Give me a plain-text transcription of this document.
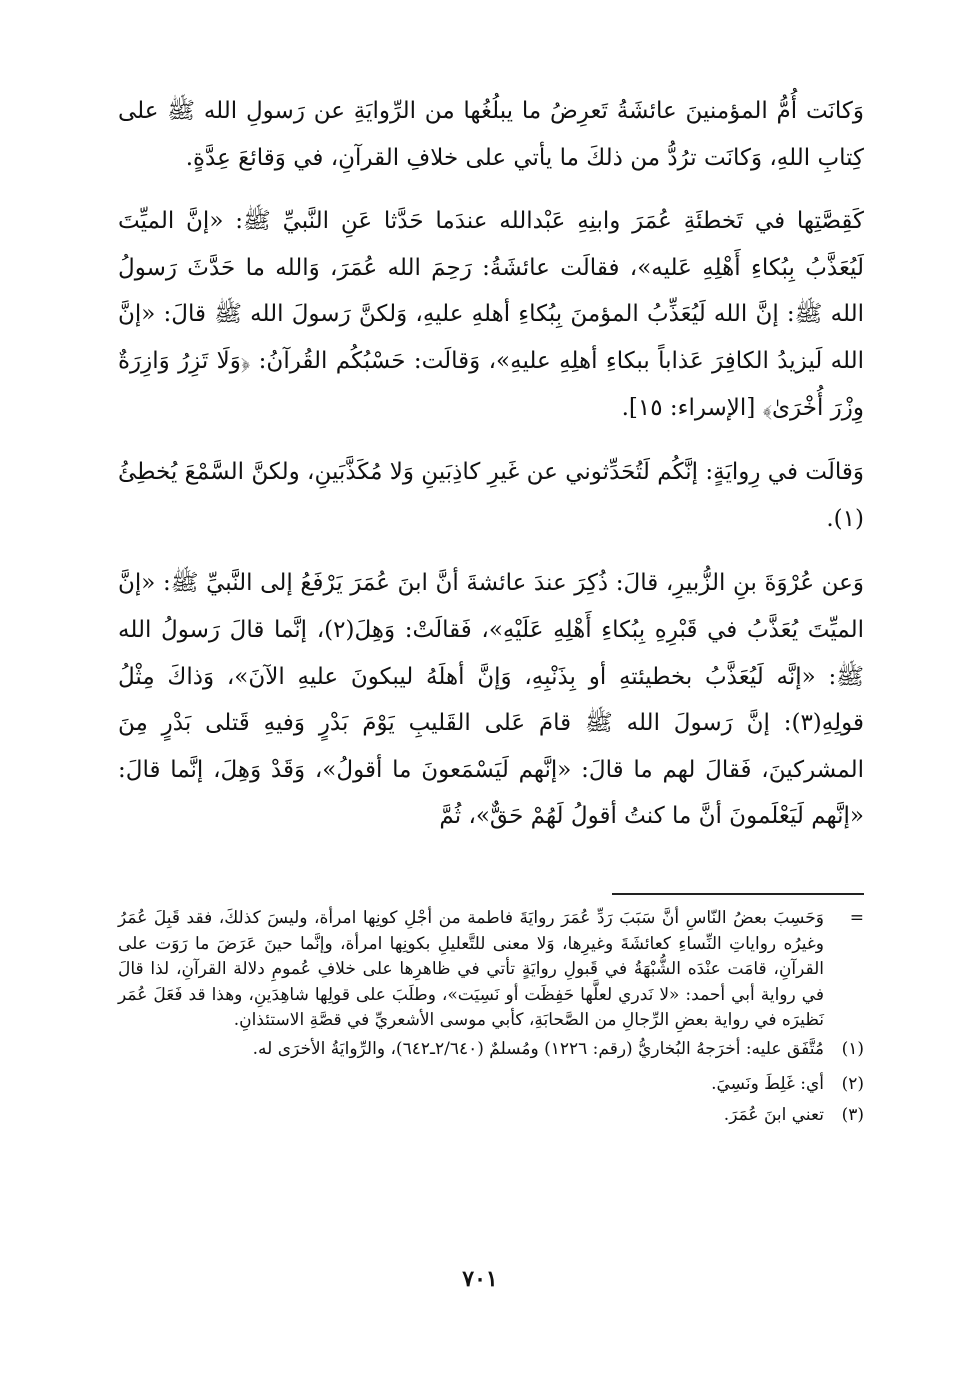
وَكانَت أُمُّ المؤمنينَ عائشَةُ تَعرِضُ ما يبلُغُها من الرِّوايَةِ عن رَسولِ الله ﷺ على كِتابِ اللهِ، وَكانَت ترُدُّ من ذلكَ ما يأتي على خلافِ القرآنِ، في وَقائعَ عِدَّةٍ.

كَقِصَّتِها في تَخطئَةِ عُمَرَ وابنِهِ عَبْدالله عندَما حَدَّثا عَنِ النَّبيِّ ﷺ: «إنَّ الميِّتَ لَيُعَذَّبُ بِبُكاءِ أَهْلِهِ عَليه»، فقالَت عائشَةُ: رَحِمَ الله عُمَرَ، وَالله ما حَدَّثَ رَسولُ الله ﷺ: إنَّ الله لَيُعَذِّبُ المؤمنَ بِبُكاءِ أهلهِ عليهِ، وَلكنَّ رَسولَ الله ﷺ قالَ: «إنَّ الله لَيزيدُ الكافِرَ عَذاباً ببكاءِ أهلِهِ عليهِ»، وَقالَت: حَسْبُكُم القُرآنُ: ﴿وَلَا تَزِرُ وَازِرَةٌ وِزْرَ أُخْرَىٰ﴾ [الإسراء: ١٥].

وَقالَت في رِوايَةٍ: إنَّكُم لَتُحَدِّثوني عن غَيرِ كاذِبَينِ وَلا مُكَذَّبَينِ، ولكنَّ السَّمْعَ يُخطِئُ (١).

وَعن عُرْوَةَ بنِ الزُّبيرِ، قالَ: ذُكِرَ عندَ عائشةَ أنَّ ابنَ عُمَرَ يَرْفَعُ إلى النَّبيِّ ﷺ: «إنَّ الميِّتَ يُعَذَّبُ في قَبْرِهِ بِبُكاءِ أَهْلِهِ عَلَيْهِ»، فَقالَتْ: وَهِلَ(٢)، إنَّما قالَ رَسولُ الله ﷺ: «إنَّه لَيُعَذَّبُ بخطيئتهِ أو بِذَنْبِهِ، وَإنَّ أهلَهُ ليبكونَ عليهِ الآنَ»، وَذاكَ مِثْلُ قولِهِ(٣): إنَّ رَسولَ الله ﷺ قامَ عَلى القَليبِ يَوْمَ بَدْرٍ وَفيهِ قَتلى بَدْرٍ مِنَ المشركينَ، فَقالَ لهم ما قالَ: «إنَّهم لَيَسْمَعونَ ما أقولُ»، وَقَدْ وَهِلَ، إنَّما قالَ: «إنَّهم لَيَعْلَمونَ أنَّ ما كنتُ أقولُ لَهُمْ حَقٌّ»، ثُمَّ

=
وَحَسِبَ بعضُ النّاسِ أنَّ سَبَبَ رَدِّ عُمَرَ روايَةَ فاطمة من أجْلِ كونِها امرأة، وليسَ كذلكَ، فقد قَبِلَ عُمَرُ وغيرُه رواياتِ النِّساءِ كعائشَةَ وغيرِها، وَلا معنى للتَّعليلِ بكونِها امرأة، وإنَّما حينَ عَرَضَ ما رَوَت على القرآنِ، قامَت عنْدَه الشُّبْهَةُ في قَبولِ روايَةٍ تأتي في ظاهرِها على خلافِ عُمومِ دلالة القرآنِ، لذا قالَ في رواية أبي أحمد: «لا نَدري لعلَّها حَفِظَت أو نَسِيَت»، وطلَبَ على قولِها شاهِدَينِ، وهذا قد فَعَلَ عُمَر نَظيرَه في رواية بعضِ الرِّجالِ من الصَّحابَةِ، كأبي موسى الأشعريِّ في قصَّةِ الاستئذانِ.
(١)
مُتَّفَق عليه: أخرَجهُ البُخاريُّ (رقم: ١٢٢٦) ومُسلمٌ (٢/٦٤٠ـ٦٤٢)، والرِّوايَةُ الأخرَى له.
(٢)
أي: غَلِطَ ونَسِيَ.
(٣)
تعني ابنَ عُمَرَ.
٧٠١
